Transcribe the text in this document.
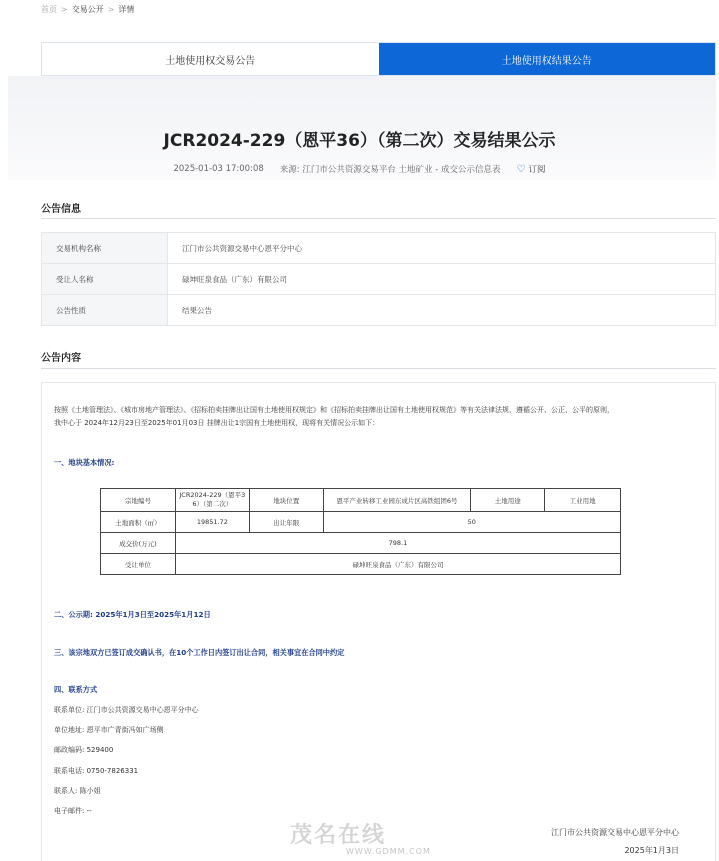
首页 > 交易公开 > 详情
土地使用权交易公告	土地使用权结果公告
JCR2024-229（恩平36）（第二次）交易结果公示
2025-01-03 17:00:08 来源: 江门市公共资源交易平台 土地矿业 - 成交公示信息表 ♡ 订阅
公告信息
交易机构名称	江门市公共资源交易中心恩平分中心
受让人名称	碌坤旺泉食品（广东）有限公司
公告性质	结果公告
公告内容
按照《土地管理法》、《城市房地产管理法》、《招标拍卖挂牌出让国有土地使用权规定》和《招标拍卖挂牌出让国有土地使用权规范》等有关法律法规，遵循公开、公正、公平的原则，
我中心于 2024年12月23日至2025年01月03日 挂牌出让1宗国有土地使用权，现将有关情况公示如下：
一、地块基本情况:
宗地编号	JCR2024-229（恩平3
6）（第二次）	地块位置	恩平产业转移工业园东成片区高铁组团6号	土地用途	工业用地
土地面积（㎡）	19851.72	出让年限	50		
成交价(万元)	798.1				
受让单位	碌坤旺泉食品（广东）有限公司				
二、公示期: 2025年1月3日至2025年1月12日
三、该宗地双方已签订成交确认书，在10个工作日内签订出让合同，相关事宜在合同中约定
四、联系方式
联系单位: 江门市公共资源交易中心恩平分中心
单位地址: 恩平市广青街冯如广场侧
邮政编码: 529400
联系电话: 0750-7826331
联系人: 陈小姐
电子邮件: --
江门市公共资源交易中心恩平分中心
2025年1月3日
茂名在线
WWW.GDMM.COM
